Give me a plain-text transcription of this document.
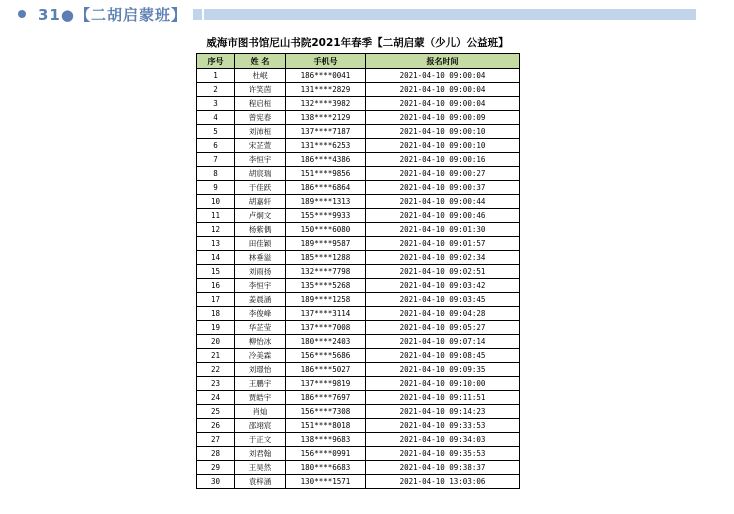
31●【二胡启蒙班】
威海市图书馆尼山书院2021年春季【二胡启蒙（少儿）公益班】
序号	姓 名	手机号	报名时间
1	杜岷	186****0041	2021-04-10 09:00:04
2	许笑茵	131****2829	2021-04-10 09:00:04
3	程启桓	132****3982	2021-04-10 09:00:04
4	曾宪春	138****2129	2021-04-10 09:00:09
5	刘沛桓	137****7187	2021-04-10 09:00:10
6	宋芷萱	131****6253	2021-04-10 09:00:10
7	李恒宇	186****4386	2021-04-10 09:00:16
8	胡宸瑞	151****9856	2021-04-10 09:00:27
9	于佳跃	186****6864	2021-04-10 09:00:37
10	胡嘉轩	189****1313	2021-04-10 09:00:44
11	卢炯文	155****9933	2021-04-10 09:00:46
12	杨紫偶	150****6080	2021-04-10 09:01:30
13	田佳颖	189****9587	2021-04-10 09:01:57
14	林垂溢	185****1288	2021-04-10 09:02:34
15	刘雨扬	132****7798	2021-04-10 09:02:51
16	李恒宇	135****5268	2021-04-10 09:03:42
17	姜晨涵	189****1258	2021-04-10 09:03:45
18	李俊峰	137****3114	2021-04-10 09:04:28
19	华芷莹	137****7008	2021-04-10 09:05:27
20	柳怡冰	180****2403	2021-04-10 09:07:14
21	冷美霖	156****5686	2021-04-10 09:08:45
22	刘璟怡	186****5027	2021-04-10 09:09:35
23	王鹏宇	137****9819	2021-04-10 09:10:00
24	贾皓宇	186****7697	2021-04-10 09:11:51
25	肖灿	156****7308	2021-04-10 09:14:23
26	邵翊宸	151****8018	2021-04-10 09:33:53
27	于正文	138****9683	2021-04-10 09:34:03
28	刘君翰	156****0991	2021-04-10 09:35:53
29	王昊然	180****6683	2021-04-10 09:38:37
30	袁梓涵	130****1571	2021-04-10 13:03:06
